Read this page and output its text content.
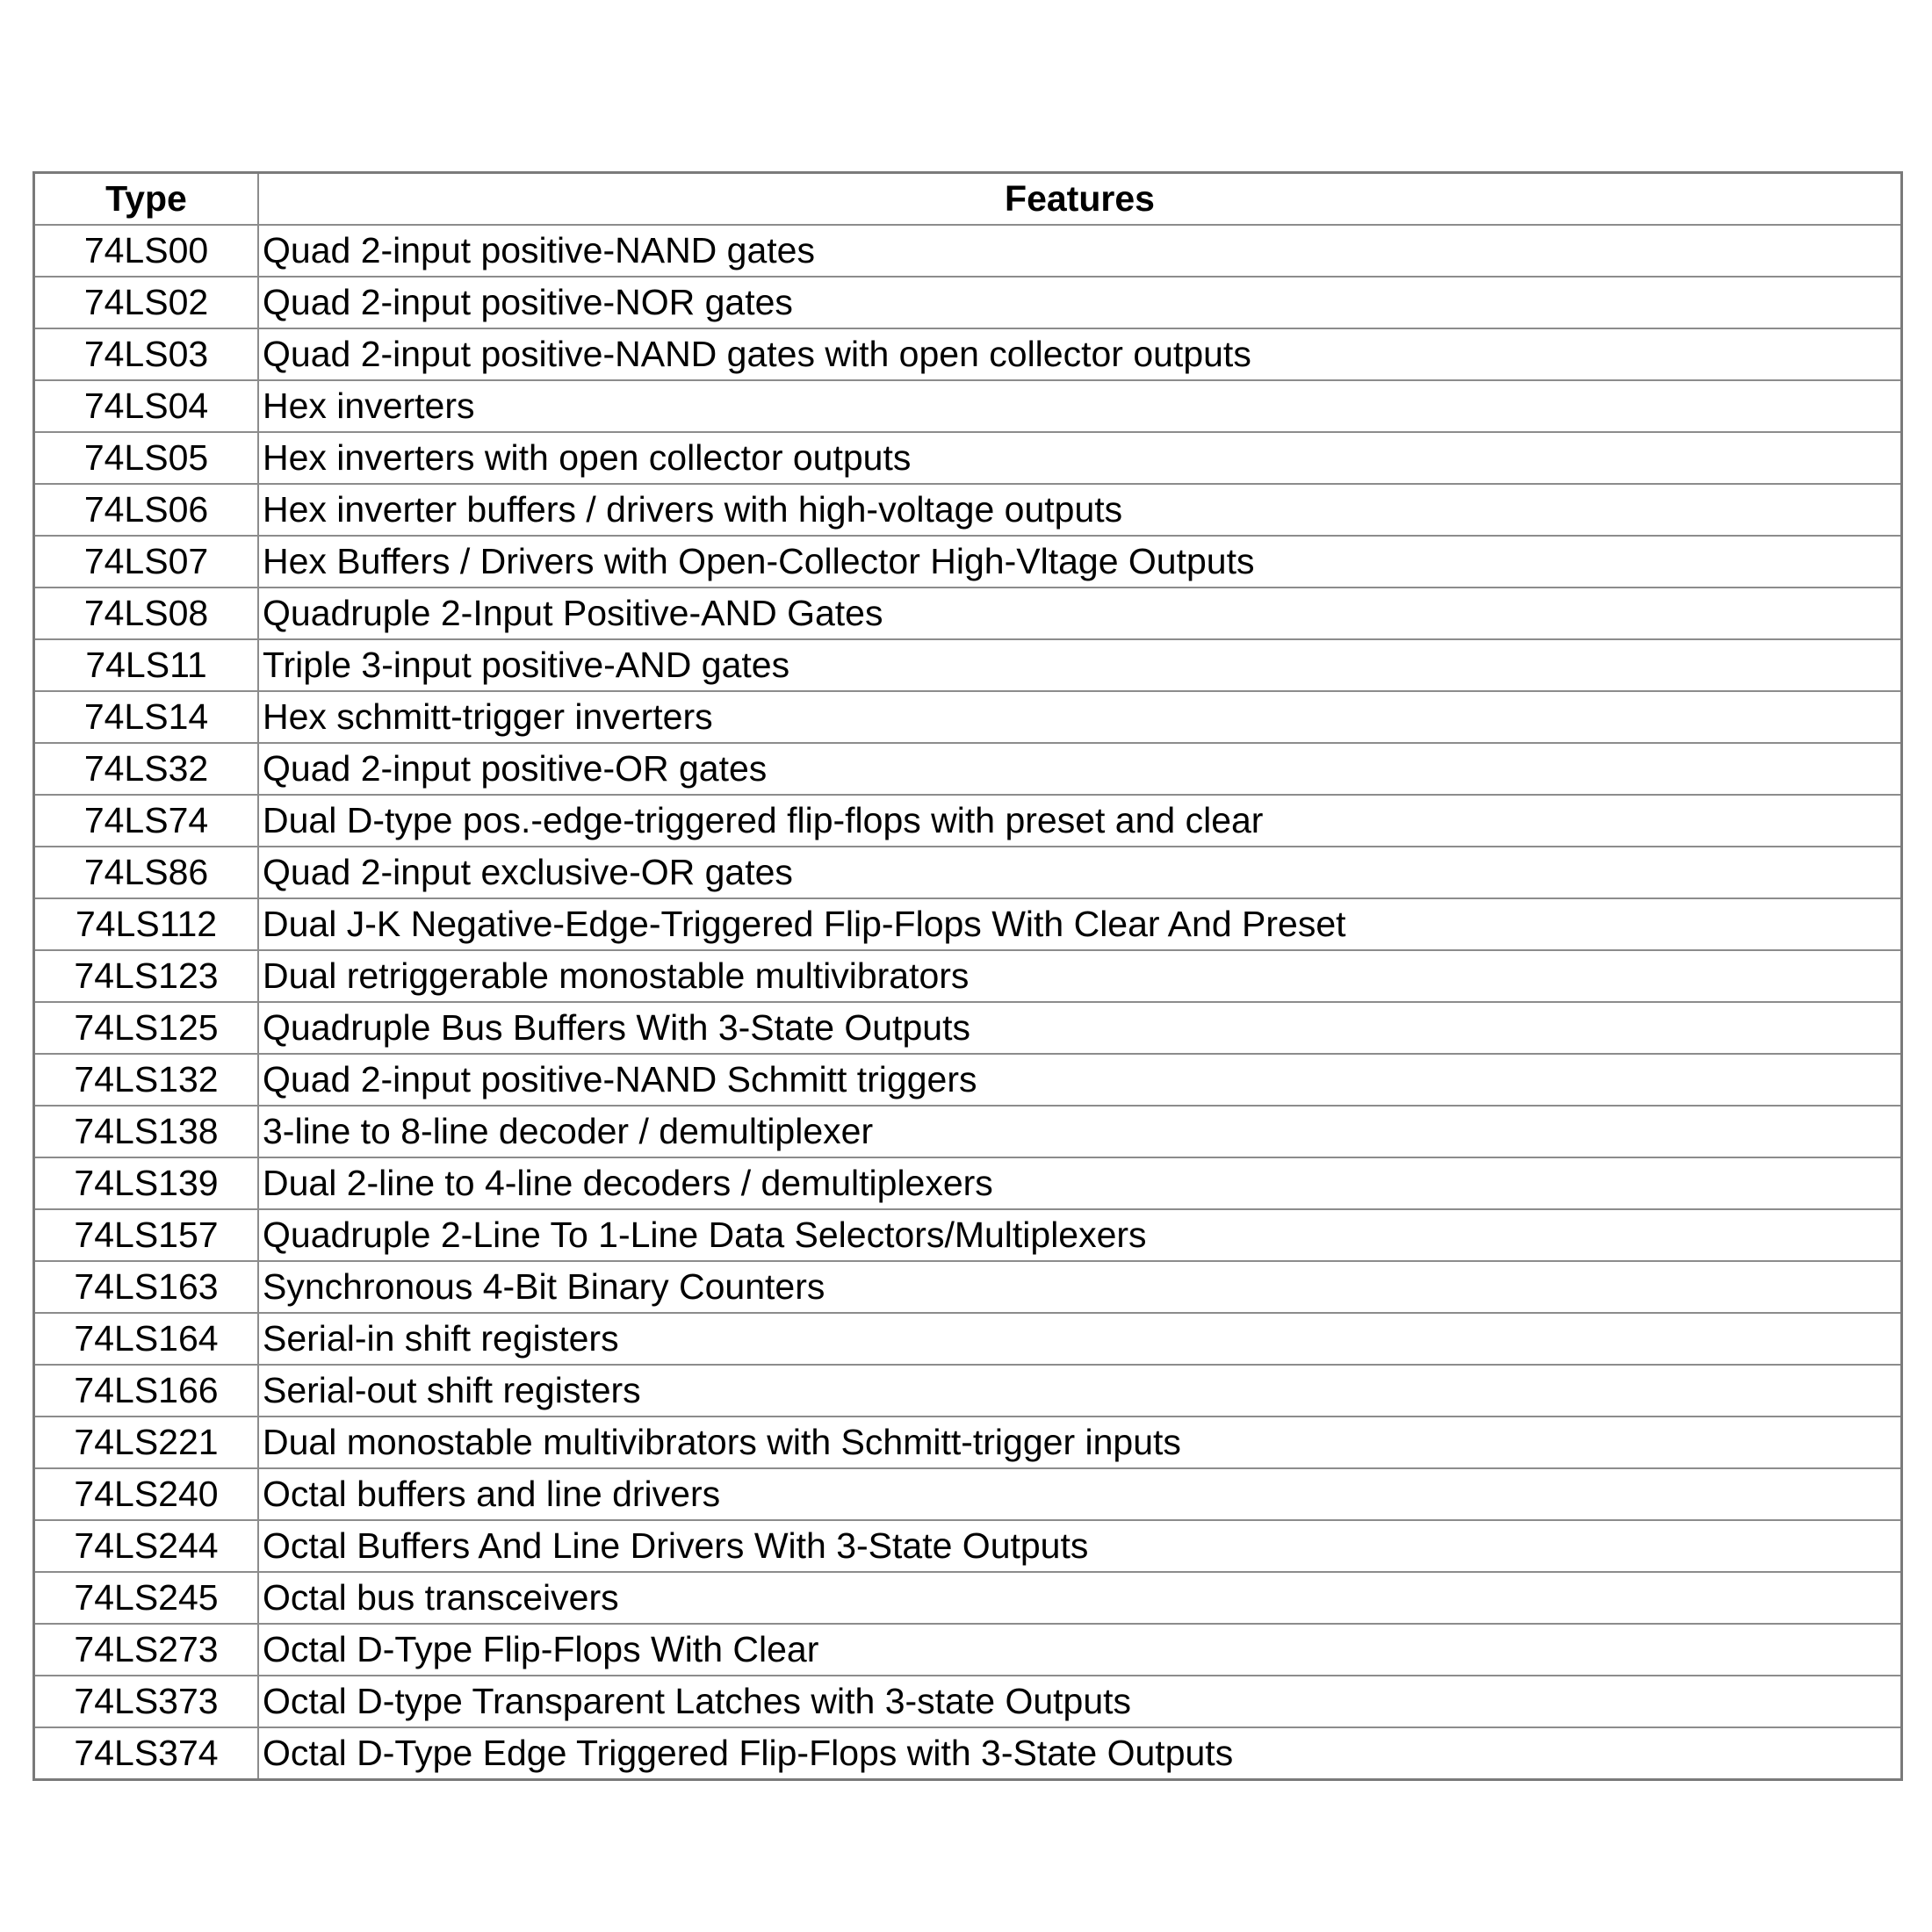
Type	Features
74LS00	Quad 2-input positive-NAND gates
74LS02	Quad 2-input positive-NOR gates
74LS03	Quad 2-input positive-NAND gates with open collector outputs
74LS04	Hex inverters
74LS05	Hex inverters with open collector outputs
74LS06	Hex inverter buffers / drivers with high-voltage outputs
74LS07	Hex Buffers / Drivers with Open-Collector High-Vltage Outputs
74LS08	Quadruple 2-Input Positive-AND Gates
74LS11	Triple 3-input positive-AND gates
74LS14	Hex schmitt-trigger inverters
74LS32	Quad 2-input positive-OR gates
74LS74	Dual D-type pos.-edge-triggered flip-flops with preset and clear
74LS86	Quad 2-input exclusive-OR gates
74LS112	Dual J-K Negative-Edge-Triggered Flip-Flops With Clear And Preset
74LS123	Dual retriggerable monostable multivibrators
74LS125	Quadruple Bus Buffers With 3-State Outputs
74LS132	Quad 2-input positive-NAND Schmitt triggers
74LS138	3-line to 8-line decoder / demultiplexer
74LS139	Dual 2-line to 4-line decoders / demultiplexers
74LS157	Quadruple 2-Line To 1-Line Data Selectors/Multiplexers
74LS163	Synchronous 4-Bit Binary Counters
74LS164	Serial-in shift registers
74LS166	Serial-out shift registers
74LS221	Dual monostable multivibrators with Schmitt-trigger inputs
74LS240	Octal buffers and line drivers
74LS244	Octal Buffers And Line Drivers With 3-State Outputs
74LS245	Octal bus transceivers
74LS273	Octal D-Type Flip-Flops With Clear
74LS373	Octal D-type Transparent Latches with 3-state Outputs
74LS374	Octal D-Type Edge Triggered Flip-Flops with 3-State Outputs
